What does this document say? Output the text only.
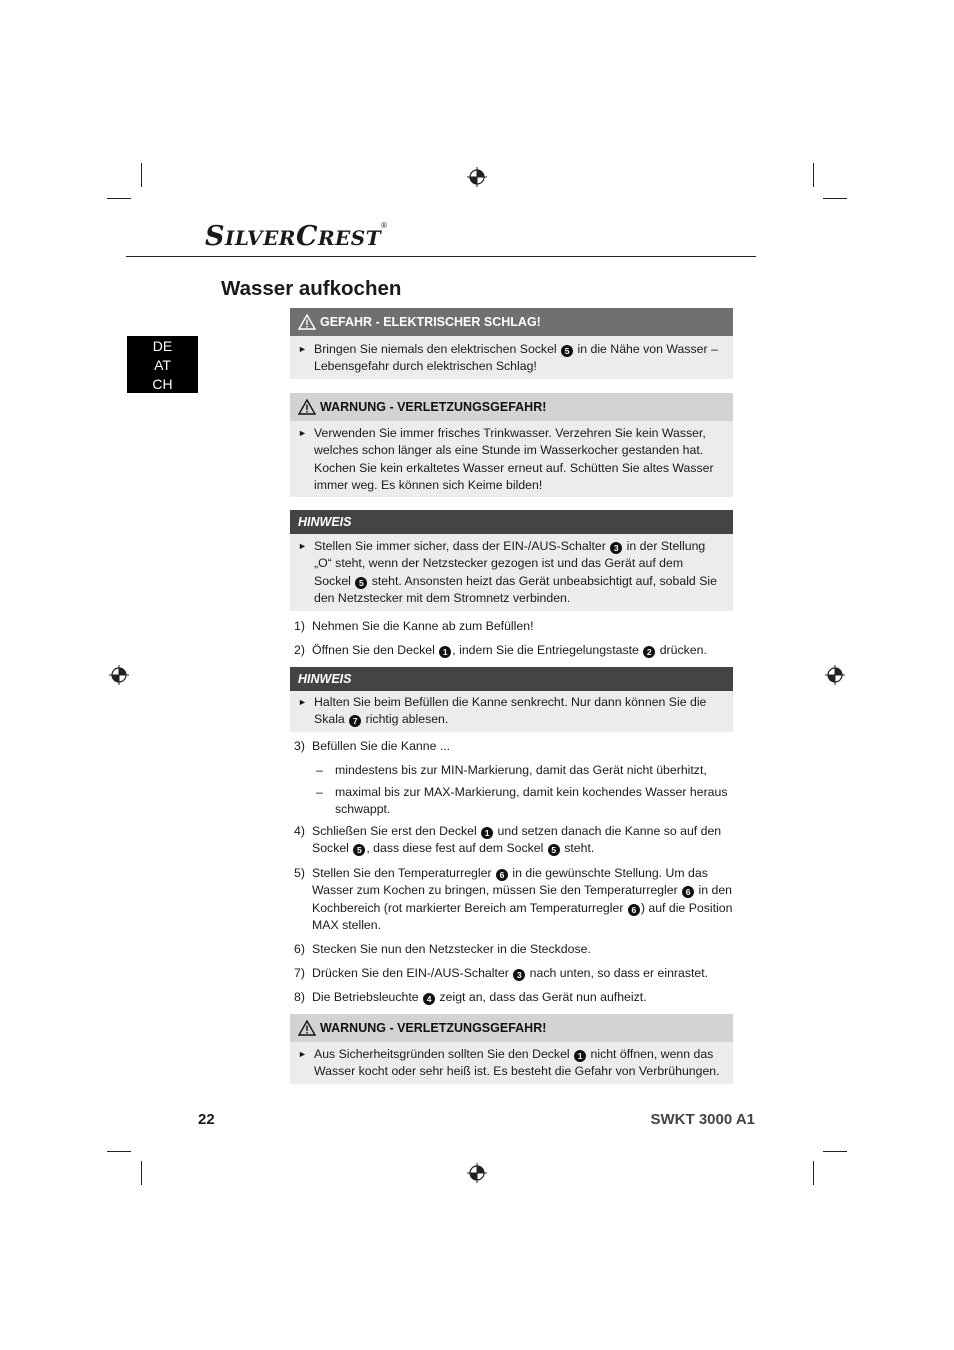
SILVERCREST®
Wasser aufkochen
DE
AT
CH
GEFAHR - ELEKTRISCHER SCHLAG!
► Bringen Sie niemals den elektrischen Sockel 5 in die Nähe von Wasser – Lebensgefahr durch elektrischen Schlag!
WARNUNG - VERLETZUNGSGEFAHR!
► Verwenden Sie immer frisches Trinkwasser. Verzehren Sie kein Wasser, welches schon länger als eine Stunde im Wasserkocher gestanden hat. Kochen Sie kein erkaltetes Wasser erneut auf. Schütten Sie altes Wasser immer weg. Es können sich Keime bilden!
HINWEIS
► Stellen Sie immer sicher, dass der EIN-/AUS-Schalter 3 in der Stellung „O“ steht, wenn der Netzstecker gezogen ist und das Gerät auf dem Sockel 5 steht. Ansonsten heizt das Gerät unbeabsichtigt auf, sobald Sie den Netzstecker mit dem Stromnetz verbinden.
1) Nehmen Sie die Kanne ab zum Befüllen!
2) Öffnen Sie den Deckel 1 , indem Sie die Entriegelungstaste 2 drücken.
HINWEIS
► Halten Sie beim Befüllen die Kanne senkrecht. Nur dann können Sie die Skala 7 richtig ablesen.
3) Befüllen Sie die Kanne ...
– mindestens bis zur MIN-Markierung, damit das Gerät nicht überhitzt,
– maximal bis zur MAX-Markierung, damit kein kochendes Wasser heraus schwappt.
4) Schließen Sie erst den Deckel 1 und setzen danach die Kanne so auf den Sockel 5 , dass diese fest auf dem Sockel 5 steht.
5) Stellen Sie den Temperaturregler 6 in die gewünschte Stellung. Um das Wasser zum Kochen zu bringen, müssen Sie den Temperaturregler 6 in den Kochbereich (rot markierter Bereich am Temperaturregler 6 ) auf die Position MAX stellen.
6) Stecken Sie nun den Netzstecker in die Steckdose.
7) Drücken Sie den EIN-/AUS-Schalter 3 nach unten, so dass er einrastet.
8) Die Betriebsleuchte 4 zeigt an, dass das Gerät nun aufheizt.
WARNUNG - VERLETZUNGSGEFAHR!
► Aus Sicherheitsgründen sollten Sie den Deckel 1 nicht öffnen, wenn das Wasser kocht oder sehr heiß ist. Es besteht die Gefahr von Verbrühungen.
22	SWKT 3000 A1
